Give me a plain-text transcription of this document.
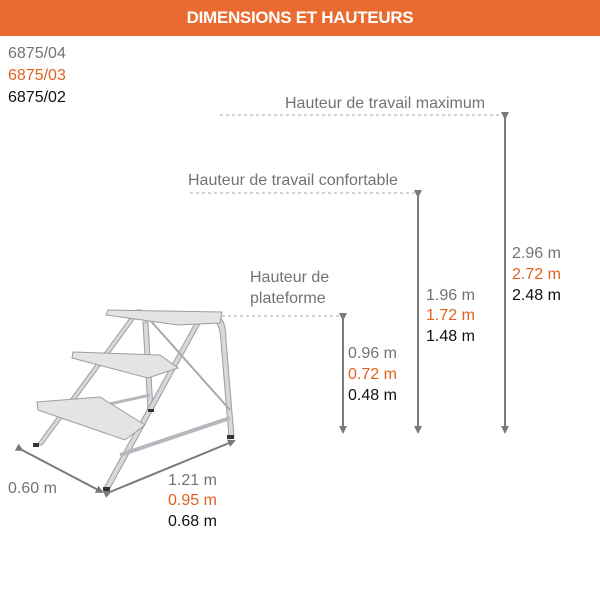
DIMENSIONS ET HAUTEURS
6875/04
6875/03
6875/02	Hauteur de travail maximum
Hauteur de travail confortable
Hauteur de
plateforme
2.96 m
2.72 m
2.48 m
1.96 m
1.72 m
1.48 m
0.96 m
0.72 m
0.48 m
0.60 m	1.21 m
0.95 m
0.68 m
